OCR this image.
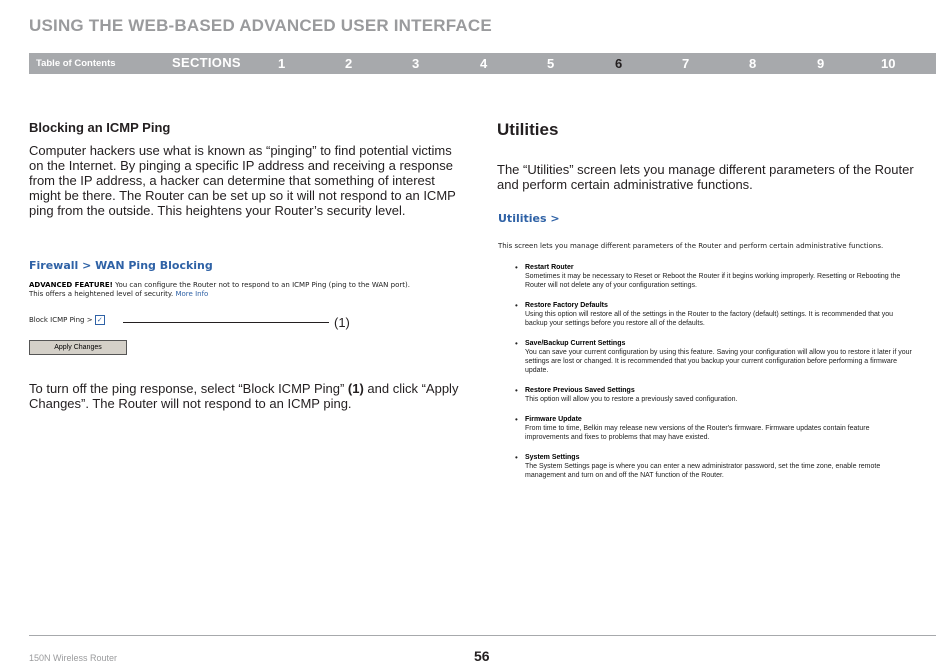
USING THE WEB-BASED ADVANCED USER INTERFACE
Table of Contents	SECTIONS	1	2	3	4	5	6	7	8	9	10
Blocking an ICMP Ping

Computer hackers use what is known as “pinging” to find potential victims on the Internet. By pinging a specific IP address and receiving a response from the IP address, a hacker can determine that something of interest might be there. The Router can be set up so it will not respond to an ICMP ping from the outside. This heightens your Router’s security level.

Firewall > WAN Ping Blocking
ADVANCED FEATURE! You can configure the Router not to respond to an ICMP Ping (ping to the WAN port).
This offers a heightened level of security. More Info
Block ICMP Ping > ✓
Apply Changes
(1)

To turn off the ping response, select “Block ICMP Ping” (1) and click “Apply Changes”. The Router will not respond to an ICMP ping.

Utilities

The “Utilities” screen lets you manage different parameters of the Router and perform certain administrative functions.

Utilities >
This screen lets you manage different parameters of the Router and perform certain administrative functions.
• Restart Router
Sometimes it may be necessary to Reset or Reboot the Router if it begins working improperly. Resetting or Rebooting the Router will not delete any of your configuration settings.
• Restore Factory Defaults
Using this option will restore all of the settings in the Router to the factory (default) settings. It is recommended that you backup your settings before you restore all of the defaults.
• Save/Backup Current Settings
You can save your current configuration by using this feature. Saving your configuration will allow you to restore it later if your settings are lost or changed. It is recommended that you backup your current configuration before performing a firmware update.
• Restore Previous Saved Settings
This option will allow you to restore a previously saved configuration.
• Firmware Update
From time to time, Belkin may release new versions of the Router's firmware. Firmware updates contain feature improvements and fixes to problems that may have existed.
• System Settings
The System Settings page is where you can enter a new administrator password, set the time zone, enable remote management and turn on and off the NAT function of the Router.
150N Wireless Router	56
